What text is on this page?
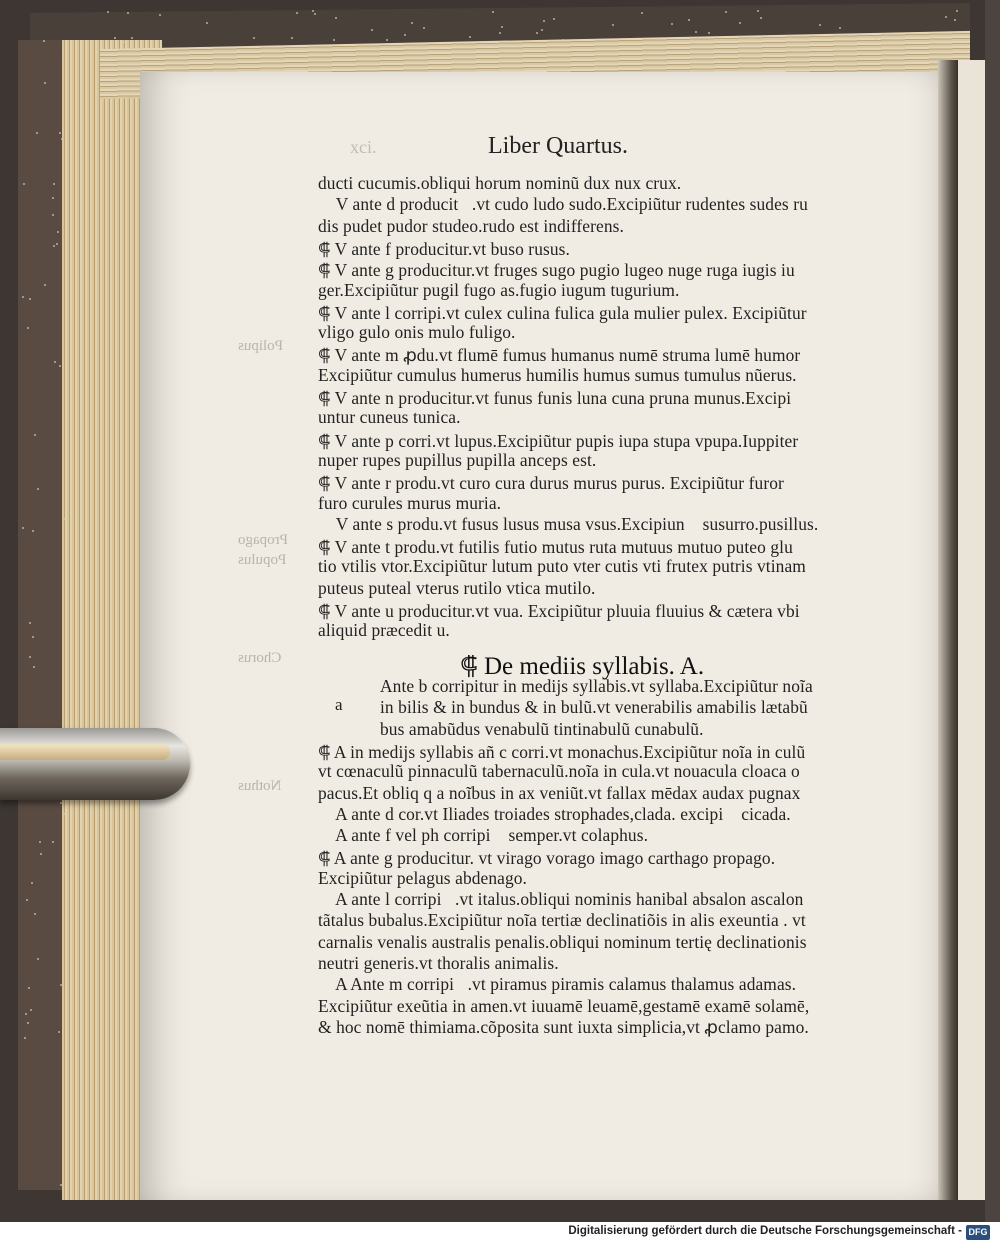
xci.	Liber Quartus.
ducti cucumis.obliqui horum nominũ dux nux crux.
⸿ V ante d producitᷓ.vt cudo ludo sudo.Excipiũtur rudentes sudes ru
dis pudet pudor studeo.rudo est indifferens.
⸿ V ante f producitur.vt buso rusus.
⸿ V ante g producitur.vt fruges sugo pugio lugeo nuge ruga iugis iu
ger.Excipiũtur pugil fugo as.fugio iugum tugurium.
⸿ V ante l corripi.vt culex culina fulica gula mulier pulex. Excipiũtur
vligo gulo onis mulo fuligo.
⸿ V ante m ꝓdu.vt flumē fumus humanus numē struma lumē humor
Excipiũtur cumulus humerus humilis humus sumus tumulus nũerus.
⸿ V ante n producitur.vt funus funis luna cuna pruna munus.Excipi
untur cuneus tunica.
⸿ V ante p corri.vt lupus.Excipiũtur pupis iupa stupa vpupa.Iuppiter
nuper rupes pupillus pupilla anceps est.
⸿ V ante r produ.vt curo cura durus murus purus. Excipiũtur furor
furo curules murus muria.
⸿ V ante s produ.vt fusus lusus musa vsus.Excipiunᷓ susurro.pusillus.
⸿ V ante t produ.vt futilis futio mutus ruta mutuus mutuo puteo glu
tio vtilis vtor.Excipiũtur lutum puto vter cutis vti frutex putris vtinam
puteus puteal vterus rutilo vtica mutilo.
⸿ V ante u producitur.vt vua. Excipiũtur pluuia fluuius & cætera vbi
aliquid præcedit u.
⸿ De mediis syllabis. A.
a
Ante b corripitur in medijs syllabis.vt syllaba.Excipiũtur noĩa
in bilis & in bundus & in bulũ.vt venerabilis amabilis lætabũ
bus amabũdus venabulũ tintinabulũ cunabulũ.
⸿ A in medijs syllabis añ c corri.vt monachus.Excipiũtur noĩa in culũ
vt cœnaculũ pinnaculũ tabernaculũ.noĩa in cula.vt nouacula cloaca o
pacus.Et obliq q a noĩbus in ax veniũt.vt fallax mēdax audax pugnax
⸿ A ante d cor.vt Iliades troiades strophades,clada. excipiᷓ cicada.
⸿ A ante f vel ph corripiᷓ semper.vt colaphus.
⸿ A ante g producitur. vt virago vorago imago carthago propago.
Excipiũtur pelagus abdenago.
⸿ A ante l corripiᷓ.vt italus.obliqui nominis hanibal absalon ascalon
tãtalus bubalus.Excipiũtur noĩa tertiæ declinatiõis in alis exeuntia . vt
carnalis venalis australis penalis.obliqui nominum tertię declinationis
neutri generis.vt thoralis animalis.
⸿ A Ante m corripiᷓ.vt piramus piramis calamus thalamus adamas.
Excipiũtur exeũtia in amen.vt iuuamē leuamē,gestamē examē solamē,
& hoc nomē thimiama.cõposita sunt iuxta simplicia,vt ꝓclamo pamo.
Polipus
Propago
Populus
Chorus
Nothus
Digitalisierung gefördert durch die Deutsche Forschungsgemeinschaft - DFG
